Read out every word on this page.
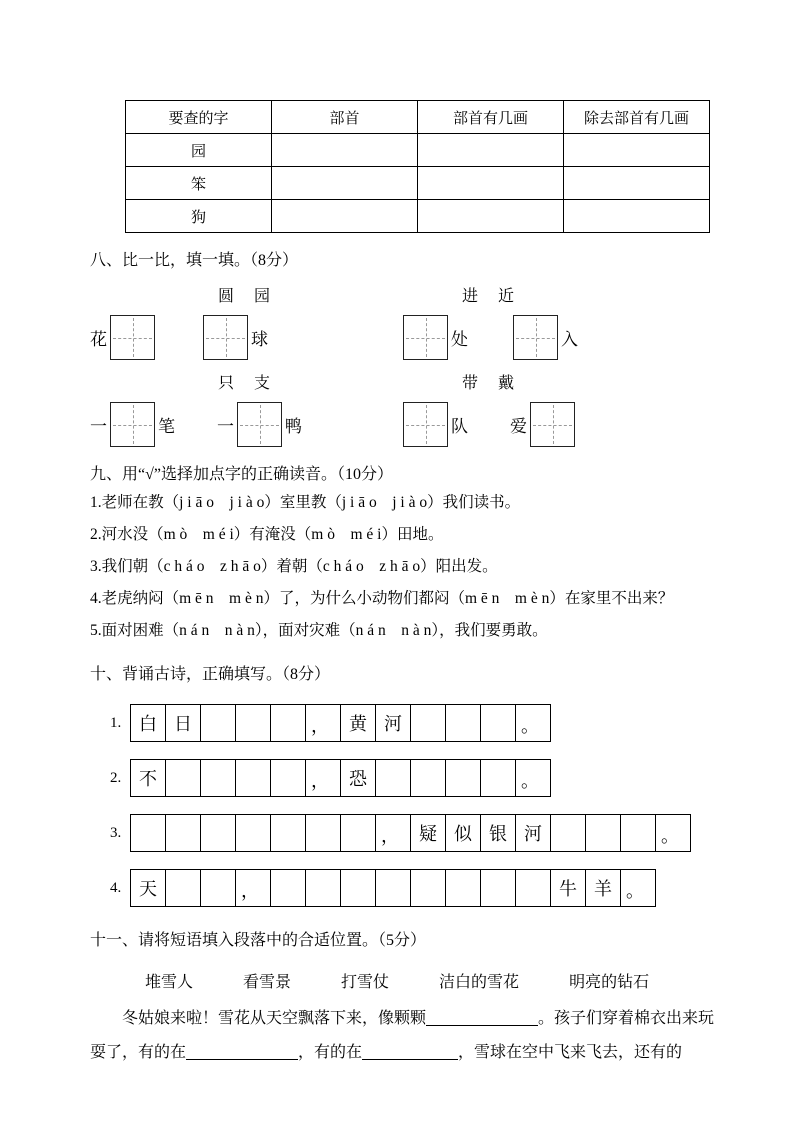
要查的字	部首	部首有几画	除去部首有几画
园			
笨			
狗			
八、比一比，填一填。（8分）
圆　园
花	球
进　近
处	入
只　支
一	笔 一	鸭
带　戴
队 爱
九、用“√”选择加点字的正确读音。（10分）
1.老师在教（j i ā o　j i à o）室里教（j i ā o　j i à o）我们读书。
2.河水没（m ò　m é i）有淹没（m ò　m é i）田地。
3.我们朝（c h á o　z h ā o）着朝（c h á o　z h ā o）阳出发。
4.老虎纳闷（m ē n　m è n）了，为什么小动物们都闷（m ē n　m è n）在家里不出来？
5.面对困难（n á n　n à n），面对灾难（n á n　n à n），我们要勇敢。
十、背诵古诗，正确填写。（8分）
1. 白 日	，	黄 河	。
2. 不	，	恐	。
3.	，	疑 似 银 河	。
4. 天	，	牛 羊 。
十一、请将短语填入段落中的合适位置。（5分）
堆雪人	看雪景	打雪仗	洁白的雪花	明亮的钻石
冬姑娘来啦！雪花从天空飘落下来，像颗颗	。孩子们穿着棉衣出来玩耍了，有的在	，有的在	，雪球在空中飞来飞去，还有的
